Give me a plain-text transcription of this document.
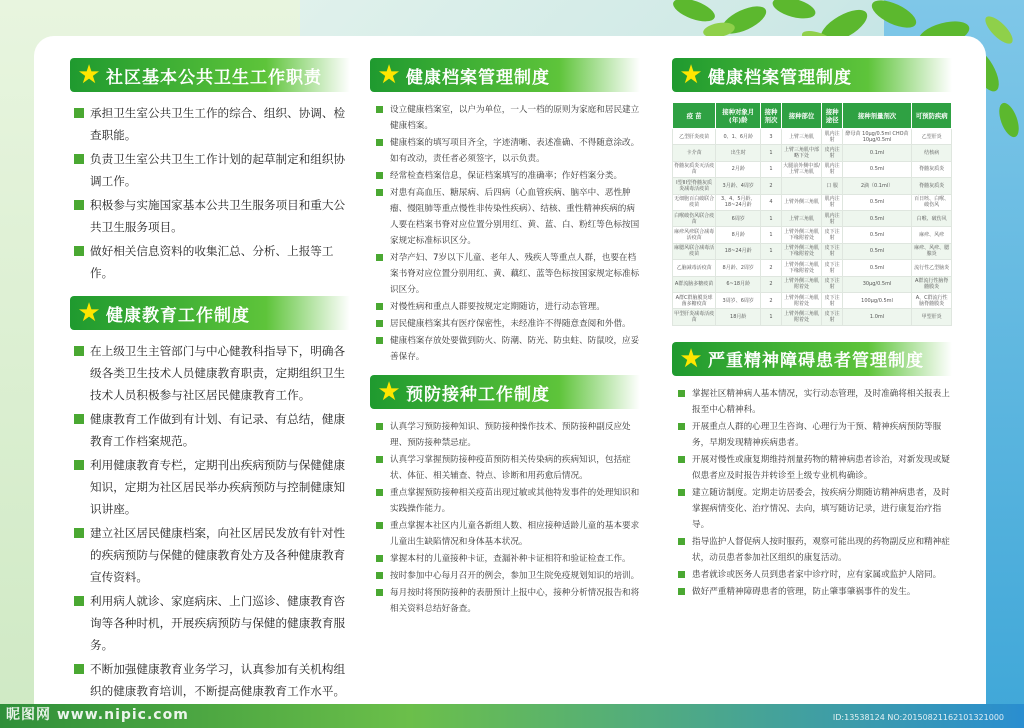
★ 社区基本公共卫生工作职责
承担卫生室公共卫生工作的综合、组织、协调、检查职能。
负责卫生室公共卫生工作计划的起草制定和组织协调工作。
积极参与实施国家基本公共卫生服务项目和重大公共卫生服务项目。
做好相关信息资料的收集汇总、分析、上报等工作。
★ 健康教育工作制度
在上级卫生主管部门与中心健教科指导下，明确各级各类卫生技术人员健康教育职责，定期组织卫生技术人员积极参与社区居民健康教育工作。
健康教育工作做到有计划、有记录、有总结，健康教育工作档案规范。
利用健康教育专栏，定期刊出疾病预防与保健健康知识，定期为社区居民举办疾病预防与控制健康知识讲座。
建立社区居民健康档案，向社区居民发放有针对性的疾病预防与保健的健康教育处方及各种健康教育宣传资料。
利用病人就诊、家庭病床、上门巡诊、健康教育咨询等各种时机，开展疾病预防与保健的健康教育服务。
不断加强健康教育业务学习，认真参加有关机构组织的健康教育培训，不断提高健康教育工作水平。
★ 健康档案管理制度
设立健康档案室，以户为单位，一人一档的原则为家庭和居民建立健康档案。
健康档案的填写项目齐全，字迹清晰、表述准确、不得随意涂改。如有改动，责任者必须签字，以示负责。
经常检查档案信息，保证档案填写的准确率；作好档案分类。
对患有高血压、糖尿病、后四病（心血管疾病、脑卒中、恶性肿瘤、慢阻肺等重点慢性非传染性疾病）、结核、重性精神疾病的病人要在档案书脊对应位置分别用红、黄、蓝、白、粉红等色标按国家规定标准标识区分。
对孕产妇、7岁以下儿童、老年人、残疾人等重点人群，也要在档案书脊对应位置分别用红、黄、藕红、蓝等色标按国家规定标准标识区分。
对慢性病和重点人群要按规定定期随访，进行动态管理。
居民健康档案其有医疗保密性，未经准许不得随意查阅和外借。
健康档案存放处要做到防火、防潮、防光、防虫蛀、防鼠咬，应妥善保存。
★ 预防接种工作制度
认真学习预防接种知识、预防接种操作技术、预防接种副反应处理、预防接种禁忌症。
认真学习掌握预防接种疫苗预防相关传染病的疾病知识，包括症状、体征、相关辅查、特点、诊断和用药愈后情况。
重点掌握预防接种相关疫苗出现过敏或其他特发事件的处理知识和实践操作能力。
重点掌握本社区内儿童各新组人数、相应接种适龄儿童的基本要求儿童出生缺陷情况和身体基本状况。
掌握本村的儿童接种卡证，查漏补种卡证相符和验证检查工作。
按时参加中心每月召开的例会，参加卫生院免疫规划知识的培训。
每月按时将预防接种的表册预计上报中心，接种分析情况报告和将相关资料总结好备查。
★ 健康档案管理制度
疫 苗	接种对象月(年)龄	接种剂次	接种部位	接种途径	接种剂量剂次	可预防疾病
乙型肝炎疫苗	0、1、6月龄	3	上臂三角肌	肌内注射	酵母苗 10μg/0.5ml CHO苗 10μg/0.5ml	乙型肝炎
卡介苗	出生时	1	上臂三角肌中部略下处	皮内注射	0.1ml	结核病
脊髓灰质炎灭活疫苗	2月龄	1	大腿前外侧中部/上臂三角肌	肌内注射	0.5ml	脊髓灰质炎
I型III型脊髓灰质炎减毒活疫苗	3月龄、4周岁	2		口 服	2滴（0.1ml）	脊髓灰质炎
无细胞百白破联合疫苗	3、4、5月龄、18~24月龄	4	上臂外侧三角肌	肌内注射	0.5ml	百日咳、白喉、破伤风
白喉破伤风联合疫苗	6周岁	1	上臂三角肌	肌内注射	0.5ml	白喉、破伤风
麻疹风疹联合减毒活疫苗	8月龄	1	上臂外侧三角肌下缘附着处	皮下注射	0.5ml	麻疹、风疹
麻腮风联合减毒活疫苗	18~24月龄	1	上臂外侧三角肌下缘附着处	皮下注射	0.5ml	麻疹、风疹、腮腺炎
乙脑减毒活疫苗	8月龄、2周岁	2	上臂外侧三角肌下缘附着处	皮下注射	0.5ml	流行性乙型脑炎
A群流脑多糖疫苗	6~18月龄	2	上臂外侧三角肌附着处	皮下注射	30μg/0.5ml	A群流行性脑脊髓膜炎
A群C群脑膜炎球菌多糖疫苗	3周岁、6周岁	2	上臂外侧三角肌附着处	皮下注射	100μg/0.5ml	A、C群流行性脑脊髓膜炎
甲型肝炎减毒活疫苗	18月龄	1	上臂外侧三角肌附着处	皮下注射	1.0ml	甲型肝炎
★ 严重精神障碍患者管理制度
掌握社区精神病人基本情况，实行动态管理，及时准确将相关报表上报至中心精神科。
开展重点人群的心理卫生咨询、心理行为干预、精神疾病预防等服务，早期发现精神疾病患者。
开展对慢性或康复期维持剂量药物的精神病患者诊治，对新发现或疑似患者应及时报告并转诊至上级专业机构确诊。
建立随访制度。定期走访居委会，按疾病分期随访精神病患者，及时掌握病情变化、治疗情况、去向，填写随访记录，进行康复治疗指导。
指导监护人督促病人按时服药，观察可能出现的药物副反应和精神症状，动员患者参加社区组织的康复活动。
患者就诊或医务人员到患者家中诊疗时，应有家属或监护人陪同。
做好严重精神障碍患者的管理，防止肇事肇祸事件的发生。
昵图网 www.nipic.com	ID:13538124 NO:20150821162101321000
